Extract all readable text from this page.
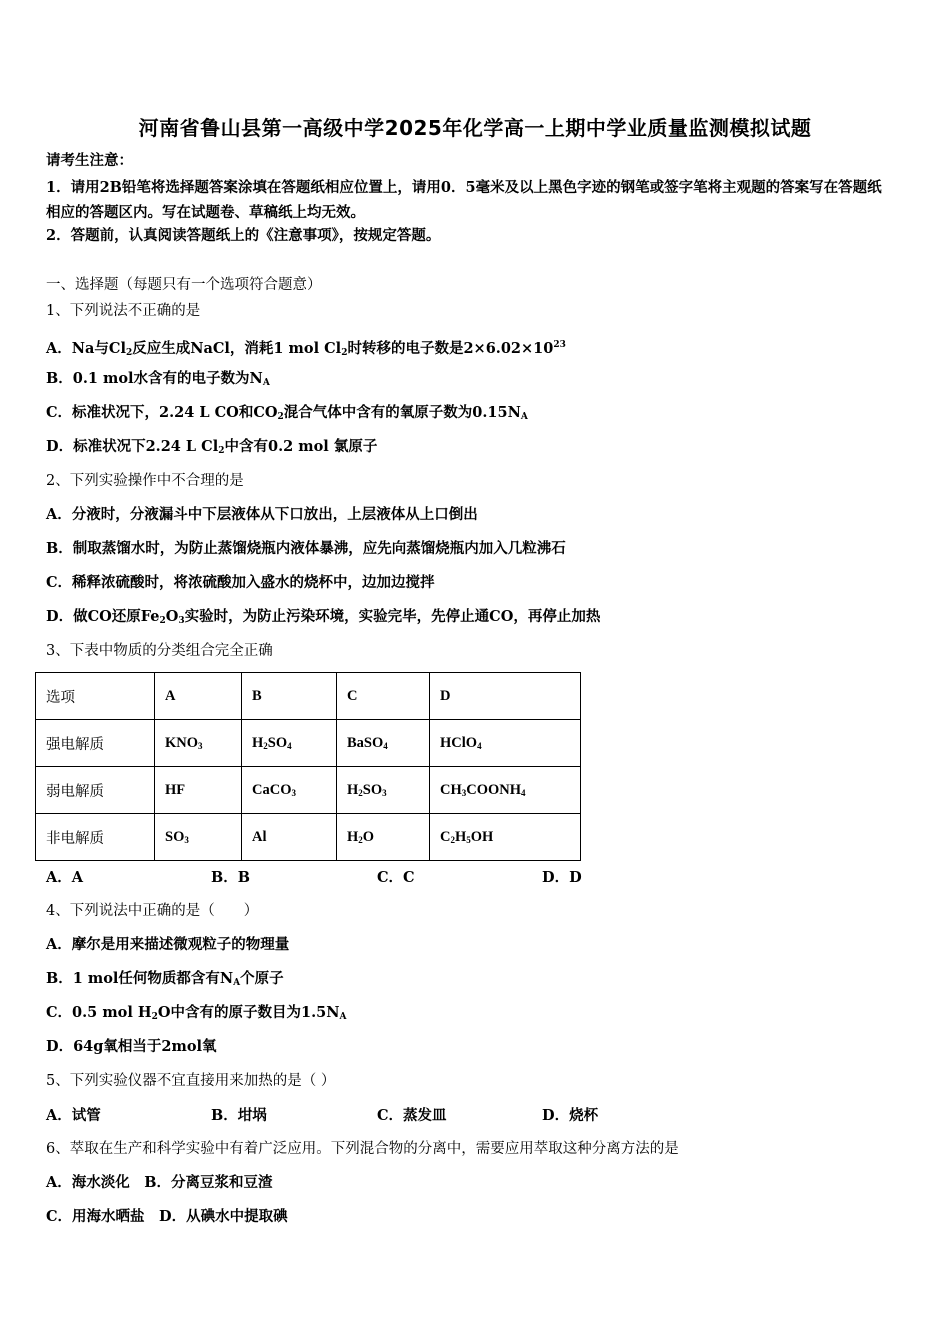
河南省鲁山县第一高级中学2025年化学高一上期中学业质量监测模拟试题
请考生注意：
1．请用2B铅笔将选择题答案涂填在答题纸相应位置上，请用0．5毫米及以上黑色字迹的钢笔或签字笔将主观题的答案写在答题纸相应的答题区内。写在试题卷、草稿纸上均无效。
2．答题前，认真阅读答题纸上的《注意事项》，按规定答题。
一、选择题（每题只有一个选项符合题意）
1、下列说法不正确的是
A．Na与$Cl_2$反应生成NaCl，消耗1 mol $Cl_2$时转移的电子数是$2\times 6.02\times 10^{23}$
B．0.1 mol水含有的电子数为$N_A$
C．标准状况下，2.24 L CO和$CO_2$混合气体中含有的氧原子数为$0.15N_A$
D．标准状况下2.24 L $Cl_2$中含有0.2 mol 氯原子
2、下列实验操作中不合理的是
A．分液时，分液漏斗中下层液体从下口放出，上层液体从上口倒出
B．制取蒸馏水时，为防止蒸馏烧瓶内液体暴沸，应先向蒸馏烧瓶内加入几粒沸石
C．稀释浓硫酸时，将浓硫酸加入盛水的烧杯中，边加边搅拌
D．做CO还原$Fe_2O_3$实验时，为防止污染环境，实验完毕，先停止通CO，再停止加热
3、下表中物质的分类组合完全正确
选项	A	B	C	D
强电解质	$KNO_3$	$H_2SO_4$	BaSO$_4$	HClO$_4$
弱电解质	HF	CaCO$_3$	$H_2SO_3$	$CH_3COONH_4$
非电解质	$SO_3$	Al	$H_2O$	$C_2H_5OH$
A．A	B．B	C．C	D．D
4、下列说法中正确的是（　　）
A．摩尔是用来描述微观粒子的物理量
B．1 mol任何物质都含有$N_A$个原子
C．0.5 mol $H_2O$中含有的原子数目为$1.5N_A$
D．64g氧相当于2mol氧
5、下列实验仪器不宜直接用来加热的是（ ）
A．试管	B．坩埚	C．蒸发皿	D．烧杯
6、萃取在生产和科学实验中有着广泛应用。下列混合物的分离中，需要应用萃取这种分离方法的是
A．海水淡化　B．分离豆浆和豆渣
C．用海水晒盐　D．从碘水中提取碘
